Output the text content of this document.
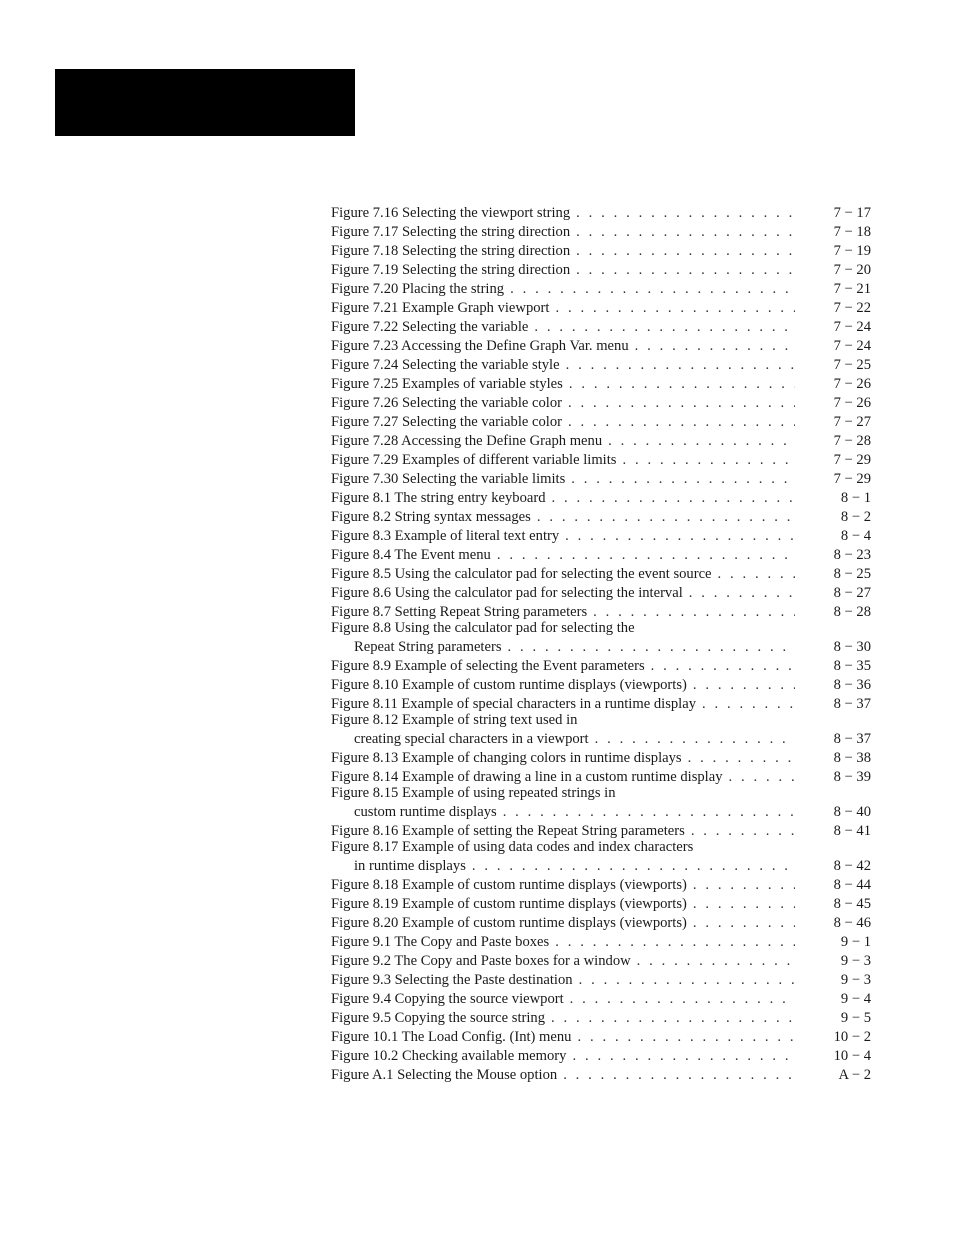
Figure 7.16 Selecting the viewport string . . .	7 − 17
Figure 7.17 Selecting the string direction . . .	7 − 18
Figure 7.18 Selecting the string direction . . .	7 − 19
Figure 7.19 Selecting the string direction . . .	7 − 20
Figure 7.20 Placing the string . . .	7 − 21
Figure 7.21 Example Graph viewport . . .	7 − 22
Figure 7.22 Selecting the variable . . .	7 − 24
Figure 7.23 Accessing the Define Graph Var. menu . . .	7 − 24
Figure 7.24 Selecting the variable style . . .	7 − 25
Figure 7.25 Examples of variable styles . . .	7 − 26
Figure 7.26 Selecting the variable color . . .	7 − 26
Figure 7.27 Selecting the variable color . . .	7 − 27
Figure 7.28 Accessing the Define Graph menu . . .	7 − 28
Figure 7.29 Examples of different variable limits . . .	7 − 29
Figure 7.30 Selecting the variable limits . . .	7 − 29
Figure 8.1 The string entry keyboard . . .	8 − 1
Figure 8.2 String syntax messages . . .	8 − 2
Figure 8.3 Example of literal text entry . . .	8 − 4
Figure 8.4 The Event menu . . .	8 − 23
Figure 8.5 Using the calculator pad for selecting the event source . . .	8 − 25
Figure 8.6 Using the calculator pad for selecting the interval . . .	8 − 27
Figure 8.7 Setting Repeat String parameters . . .	8 − 28
Figure 8.8 Using the calculator pad for selecting the
Repeat String parameters . . .	8 − 30
Figure 8.9 Example of selecting the Event parameters . . .	8 − 35
Figure 8.10 Example of custom runtime displays (viewports) . . .	8 − 36
Figure 8.11 Example of special characters in a runtime display . . .	8 − 37
Figure 8.12 Example of string text used in
creating special characters in a viewport . . .	8 − 37
Figure 8.13 Example of changing colors in runtime displays . . .	8 − 38
Figure 8.14 Example of drawing a line in a custom runtime display . . .	8 − 39
Figure 8.15 Example of using repeated strings in
custom runtime displays . . .	8 − 40
Figure 8.16 Example of setting the Repeat String parameters . . .	8 − 41
Figure 8.17 Example of using data codes and index characters
in runtime displays . . .	8 − 42
Figure 8.18 Example of custom runtime displays (viewports) . . .	8 − 44
Figure 8.19 Example of custom runtime displays (viewports) . . .	8 − 45
Figure 8.20 Example of custom runtime displays (viewports) . . .	8 − 46
Figure 9.1 The Copy and Paste boxes . . .	9 − 1
Figure 9.2 The Copy and Paste boxes for a window . . .	9 − 3
Figure 9.3 Selecting the Paste destination . . .	9 − 3
Figure 9.4 Copying the source viewport . . .	9 − 4
Figure 9.5 Copying the source string . . .	9 − 5
Figure 10.1 The Load Config. (Int) menu . . .	10 − 2
Figure 10.2 Checking available memory . . .	10 − 4
Figure A.1 Selecting the Mouse option . . .	A − 2
